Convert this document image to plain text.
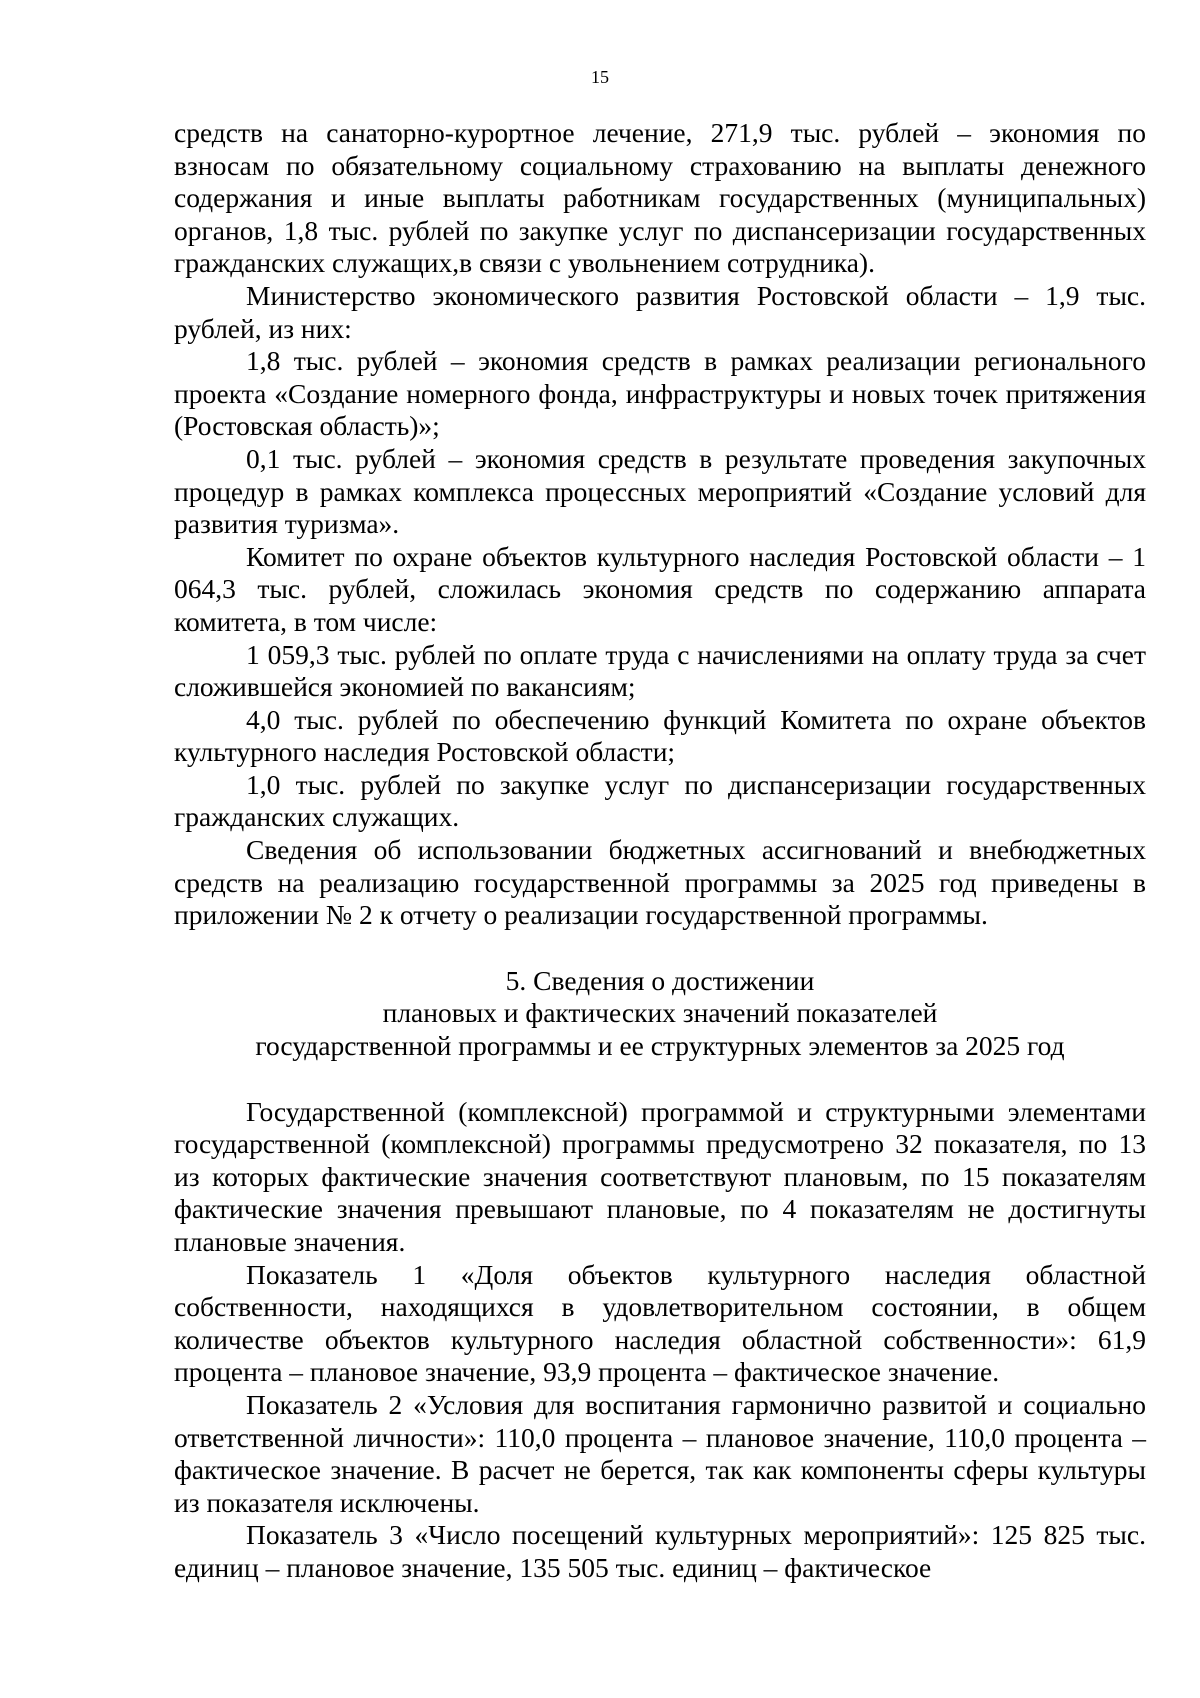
15

средств на санаторно-курортное лечение, 271,9 тыс. рублей – экономия по взносам по обязательному социальному страхованию на выплаты денежного содержания и иные выплаты работникам государственных (муниципальных) органов, 1,8 тыс. рублей по закупке услуг по диспансеризации государственных гражданских служащих,в связи с увольнением сотрудника).

Министерство экономического развития Ростовской области – 1,9 тыс. рублей, из них:

1,8 тыс. рублей – экономия средств в рамках реализации регионального проекта «Создание номерного фонда, инфраструктуры и новых точек притяжения (Ростовская область)»;

0,1 тыс. рублей – экономия средств в результате проведения закупочных процедур в рамках комплекса процессных мероприятий «Создание условий для развития туризма».

Комитет по охране объектов культурного наследия Ростовской области – 1 064,3 тыс. рублей, сложилась экономия средств по содержанию аппарата комитета, в том числе:

1 059,3 тыс. рублей по оплате труда с начислениями на оплату труда за счет сложившейся экономией по вакансиям;

4,0 тыс. рублей по обеспечению функций Комитета по охране объектов культурного наследия Ростовской области;

1,0 тыс. рублей по закупке услуг по диспансеризации государственных гражданских служащих.

Сведения об использовании бюджетных ассигнований и внебюджетных средств на реализацию государственной программы за 2025 год приведены в приложении № 2 к отчету о реализации государственной программы.

5. Сведения о достижении
плановых и фактических значений показателей
государственной программы и ее структурных элементов за 2025 год

Государственной (комплексной) программой и структурными элементами государственной (комплексной) программы предусмотрено 32 показателя, по 13 из которых фактические значения соответствуют плановым, по 15 показателям фактические значения превышают плановые, по 4 показателям не достигнуты плановые значения.

Показатель 1 «Доля объектов культурного наследия областной собственности, находящихся в удовлетворительном состоянии, в общем количестве объектов культурного наследия областной собственности»: 61,9 процента – плановое значение, 93,9 процента – фактическое значение.

Показатель 2 «Условия для воспитания гармонично развитой и социально ответственной личности»: 110,0 процента – плановое значение, 110,0 процента – фактическое значение. В расчет не берется, так как компоненты сферы культуры из показателя исключены.

Показатель 3 «Число посещений культурных мероприятий»: 125 825 тыс. единиц – плановое значение, 135 505 тыс. единиц – фактическое
